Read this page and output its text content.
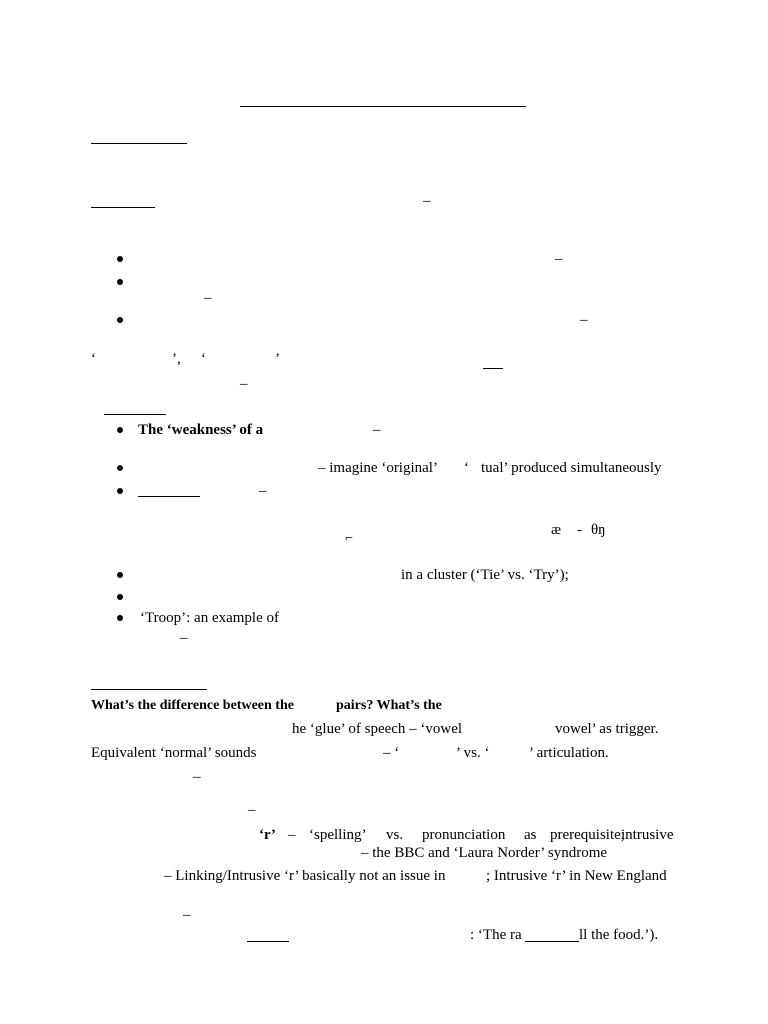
–
–
–
–
‘	’, ‘	’
–
The ‘weakness’ of a	–
– imagine ‘original’ ‘ tual’ produced simultaneously
–
⌐
æ - θŋ
in a cluster (‘Tie’ vs. ‘Try’);
‘Troop’: an example of
–
What’s the difference between the	pairs? What’s the
he ‘glue’ of speech – ‘vowel	vowel’ as trigger.
Equivalent ‘normal’ sounds	– ‘	’ vs. ‘	’ articulation.
–
–
‘r’ – ‘spelling’ vs. pronunciation as prerequisite;
intrusive
– the BBC and ‘Laura Norder’ syndrome
– Linking/Intrusive ‘r’ basically not an issue in	; Intrusive ‘r’ in New England
–
: ‘The ra	ll the food.’).
